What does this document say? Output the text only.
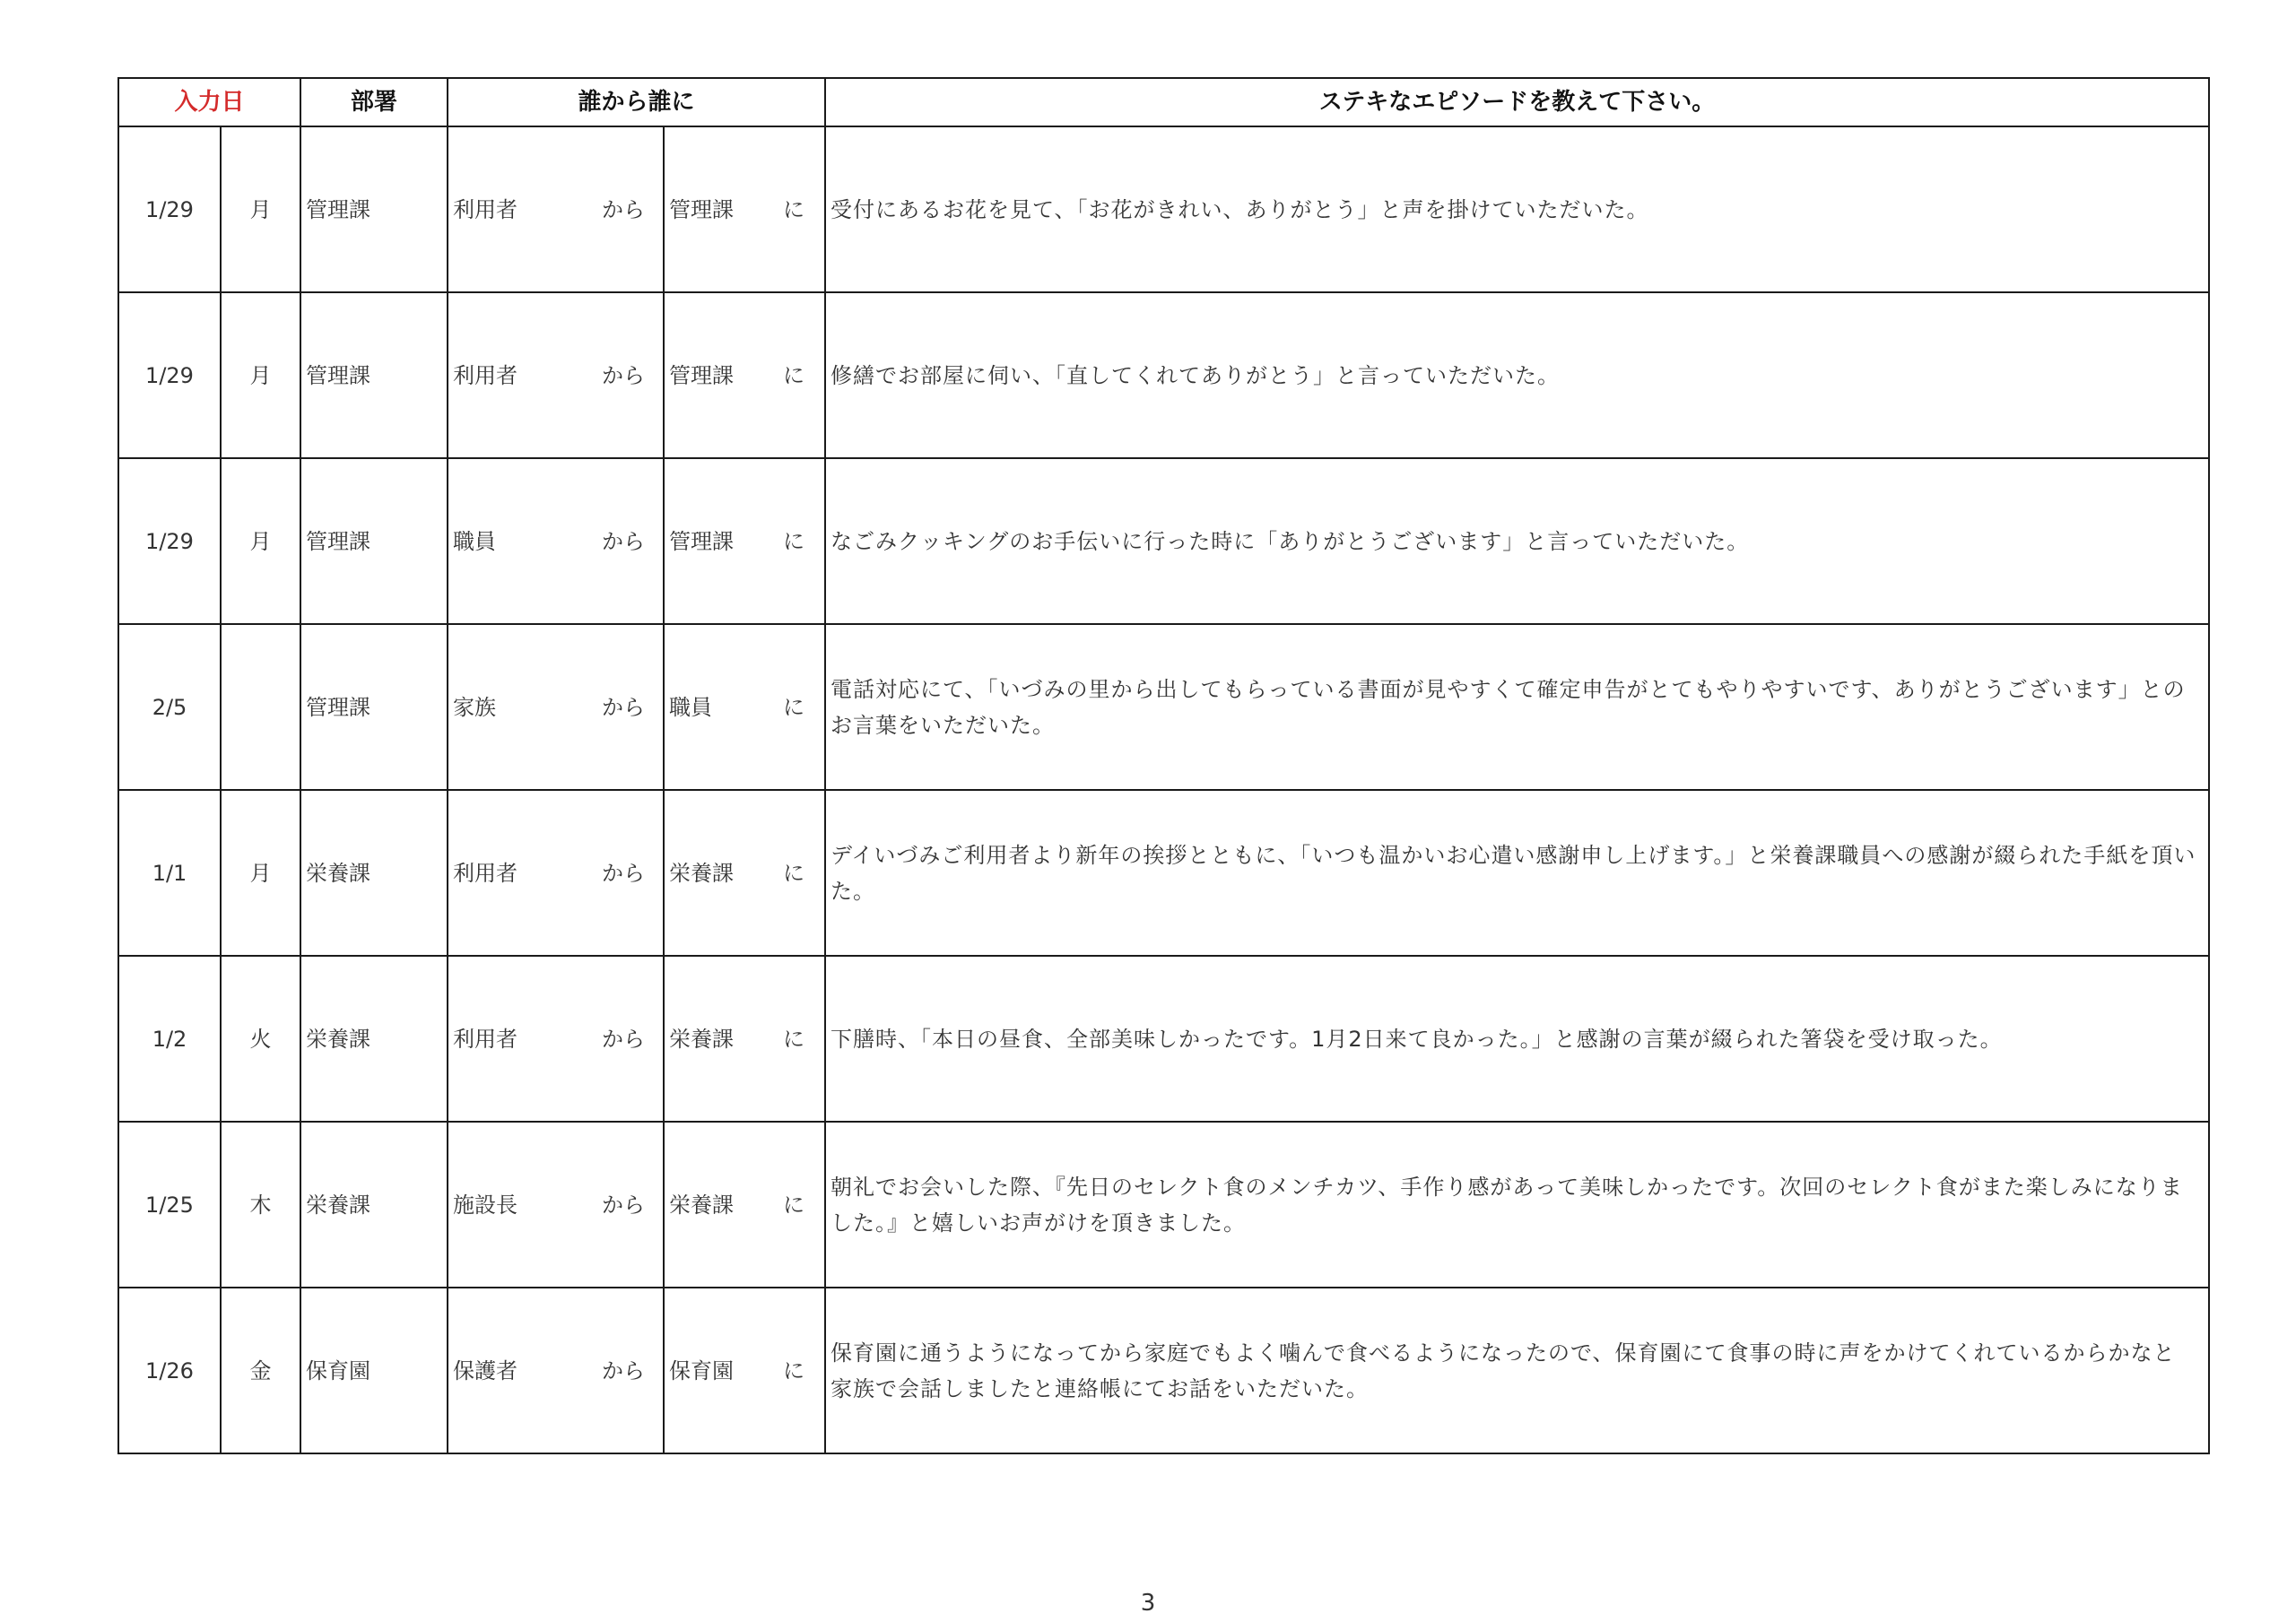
入力日		部署	誰から誰に		ステキなエピソードを教えて下さい。
1/29	月	管理課	利用者 から	管理課 に	受付にあるお花を見て、「お花がきれい、ありがとう」と声を掛けていただいた。
1/29	月	管理課	利用者 から	管理課 に	修繕でお部屋に伺い、「直してくれてありがとう」と言っていただいた。
1/29	月	管理課	職員 から	管理課 に	なごみクッキングのお手伝いに行った時に「ありがとうございます」と言っていただいた。
2/5		管理課	家族 から	職員 に	電話対応にて、「いづみの里から出してもらっている書面が見やすくて確定申告がとてもやりやすいです、ありがとうございます」とのお言葉をいただいた。
1/1	月	栄養課	利用者 から	栄養課 に	デイいづみご利用者より新年の挨拶とともに、「いつも温かいお心遣い感謝申し上げます。」と栄養課職員への感謝が綴られた手紙を頂いた。
1/2	火	栄養課	利用者 から	栄養課 に	下膳時、「本日の昼食、全部美味しかったです。1月2日来て良かった。」と感謝の言葉が綴られた箸袋を受け取った。
1/25	木	栄養課	施設長 から	栄養課 に	朝礼でお会いした際、『先日のセレクト食のメンチカツ、手作り感があって美味しかったです。次回のセレクト食がまた楽しみになりました。』と嬉しいお声がけを頂きました。
1/26	金	保育園	保護者 から	保育園 に	保育園に通うようになってから家庭でもよく噛んで食べるようになったので、保育園にて食事の時に声をかけてくれているからかなと家族で会話しましたと連絡帳にてお話をいただいた。
3
